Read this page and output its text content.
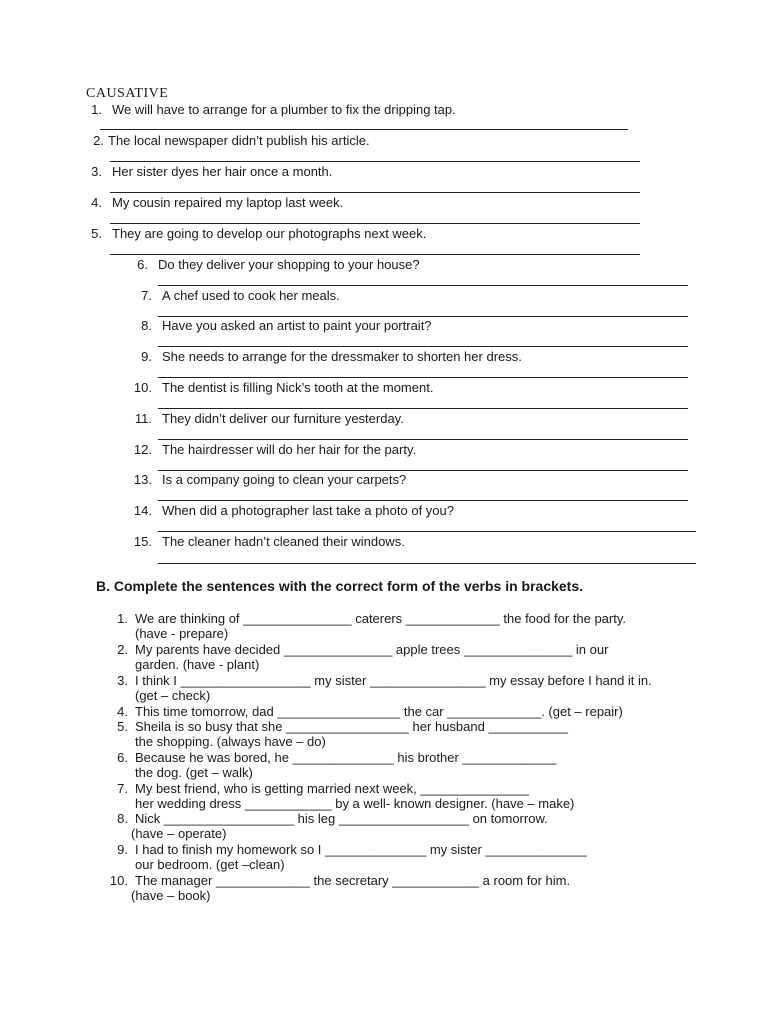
CAUSATIVE
1. We will have to arrange for a plumber to fix the dripping tap.
2. The local newspaper didn’t publish his article.
3. Her sister dyes her hair once a month.
4. My cousin repaired my laptop last week.
5. They are going to develop our photographs next week.
6. Do they deliver your shopping to your house?
7. A chef used to cook her meals.
8. Have you asked an artist to paint your portrait?
9. She needs to arrange for the dressmaker to shorten her dress.
10. The dentist is filling Nick’s tooth at the moment.
11. They didn’t deliver our furniture yesterday.
12. The hairdresser will do her hair for the party.
13. Is a company going to clean your carpets?
14. When did a photographer last take a photo of you?
15. The cleaner hadn’t cleaned their windows.
B. Complete the sentences with the correct form of the verbs in brackets.
1. We are thinking of _______________ caterers _____________ the food for the party.
(have - prepare)
2. My parents have decided _______________ apple trees _______________ in our
garden. (have - plant)
3. I think I __________________ my sister ________________ my essay before I hand it in.
(get – check)
4. This time tomorrow, dad _________________ the car _____________. (get – repair)
5. Sheila is so busy that she _________________ her husband ___________
the shopping. (always have – do)
6. Because he was bored, he ______________ his brother _____________
the dog. (get – walk)
7. My best friend, who is getting married next week, _______________
her wedding dress ____________ by a well- known designer. (have – make)
8. Nick __________________ his leg __________________ on tomorrow.
(have – operate)
9. I had to finish my homework so I ______________ my sister ______________
our bedroom. (get –clean)
10. The manager _____________ the secretary ____________ a room for him.
(have – book)
